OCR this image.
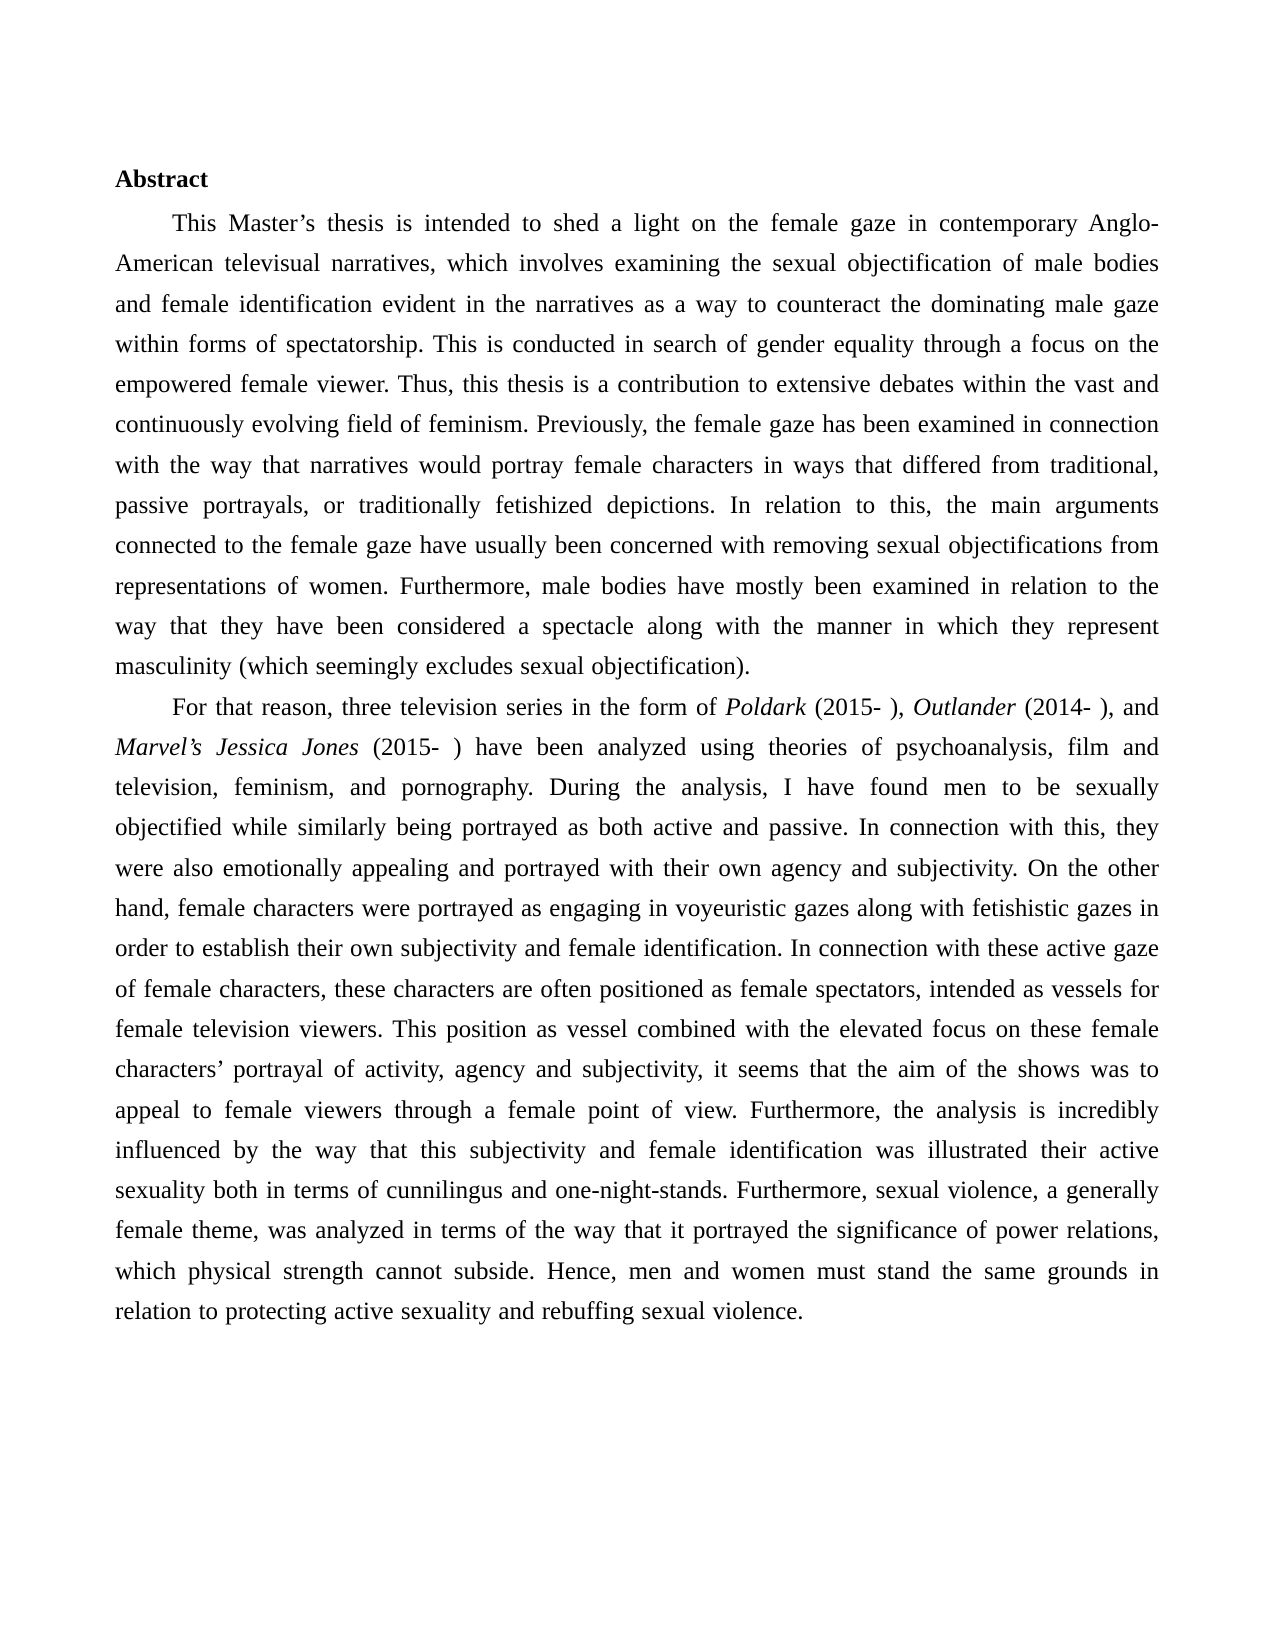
Abstract

This Master’s thesis is intended to shed a light on the female gaze in contemporary Anglo-American televisual narratives, which involves examining the sexual objectification of male bodies and female identification evident in the narratives as a way to counteract the dominating male gaze within forms of spectatorship. This is conducted in search of gender equality through a focus on the empowered female viewer. Thus, this thesis is a contribution to extensive debates within the vast and continuously evolving field of feminism. Previously, the female gaze has been examined in connection with the way that narratives would portray female characters in ways that differed from traditional, passive portrayals, or traditionally fetishized depictions. In relation to this, the main arguments connected to the female gaze have usually been concerned with removing sexual objectifications from representations of women. Furthermore, male bodies have mostly been examined in relation to the way that they have been considered a spectacle along with the manner in which they represent masculinity (which seemingly excludes sexual objectification).

For that reason, three television series in the form of Poldark (2015- ), Outlander (2014- ), and Marvel’s Jessica Jones (2015- ) have been analyzed using theories of psychoanalysis, film and television, feminism, and pornography. During the analysis, I have found men to be sexually objectified while similarly being portrayed as both active and passive. In connection with this, they were also emotionally appealing and portrayed with their own agency and subjectivity. On the other hand, female characters were portrayed as engaging in voyeuristic gazes along with fetishistic gazes in order to establish their own subjectivity and female identification. In connection with these active gaze of female characters, these characters are often positioned as female spectators, intended as vessels for female television viewers. This position as vessel combined with the elevated focus on these female characters’ portrayal of activity, agency and subjectivity, it seems that the aim of the shows was to appeal to female viewers through a female point of view. Furthermore, the analysis is incredibly influenced by the way that this subjectivity and female identification was illustrated their active sexuality both in terms of cunnilingus and one-night-stands. Furthermore, sexual violence, a generally female theme, was analyzed in terms of the way that it portrayed the significance of power relations, which physical strength cannot subside. Hence, men and women must stand the same grounds in relation to protecting active sexuality and rebuffing sexual violence.
